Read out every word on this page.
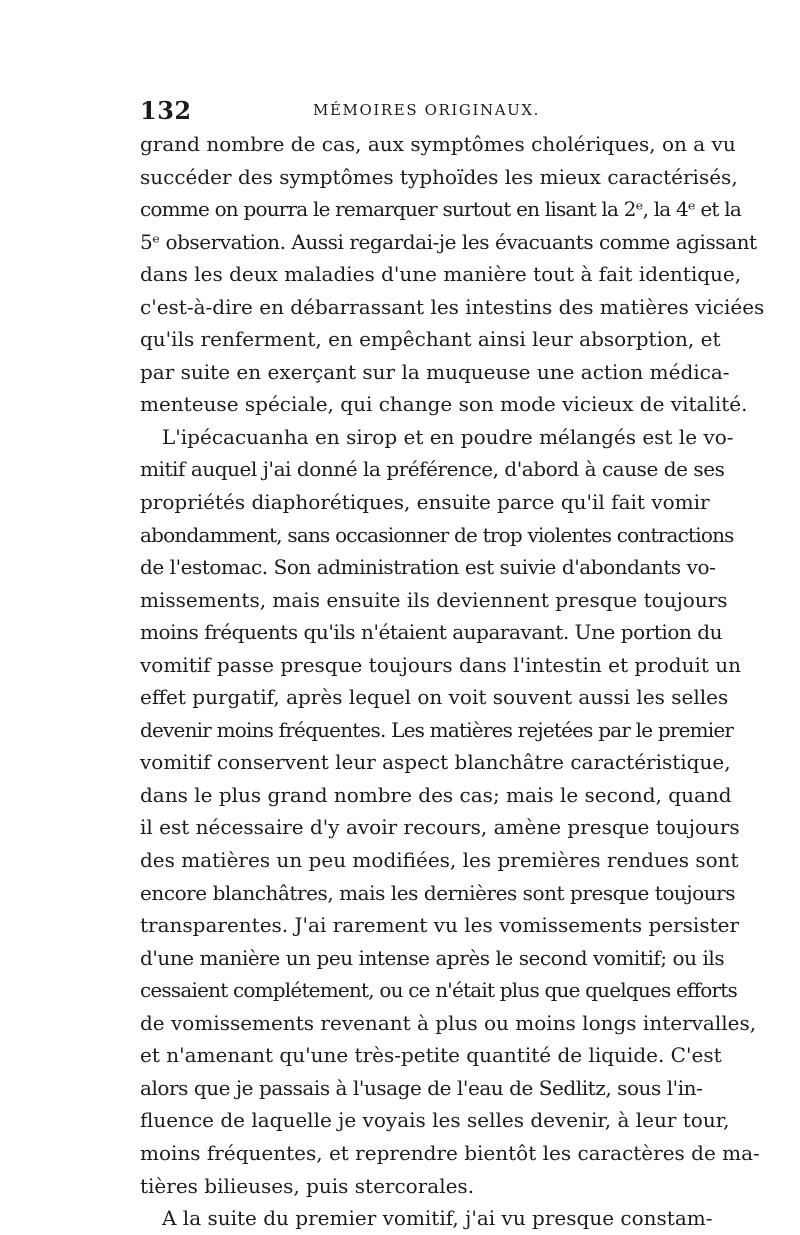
132	MÉMOIRES ORIGINAUX.
grand nombre de cas, aux symptômes cholériques, on a vu
succéder des symptômes typhoïdes les mieux caractérisés,
comme on pourra le remarquer surtout en lisant la 2ᵉ, la 4ᵉ et la
5ᵉ observation. Aussi regardai-je les évacuants comme agissant
dans les deux maladies d'une manière tout à fait identique,
c'est-à-dire en débarrassant les intestins des matières viciées
qu'ils renferment, en empêchant ainsi leur absorption, et
par suite en exerçant sur la muqueuse une action médica-
menteuse spéciale, qui change son mode vicieux de vitalité.
L'ipécacuanha en sirop et en poudre mélangés est le vo-
mitif auquel j'ai donné la préférence, d'abord à cause de ses
propriétés diaphorétiques, ensuite parce qu'il fait vomir
abondamment, sans occasionner de trop violentes contractions
de l'estomac. Son administration est suivie d'abondants vo-
missements, mais ensuite ils deviennent presque toujours
moins fréquents qu'ils n'étaient auparavant. Une portion du
vomitif passe presque toujours dans l'intestin et produit un
effet purgatif, après lequel on voit souvent aussi les selles
devenir moins fréquentes. Les matières rejetées par le premier
vomitif conservent leur aspect blanchâtre caractéristique,
dans le plus grand nombre des cas; mais le second, quand
il est nécessaire d'y avoir recours, amène presque toujours
des matières un peu modifiées, les premières rendues sont
encore blanchâtres, mais les dernières sont presque toujours
transparentes. J'ai rarement vu les vomissements persister
d'une manière un peu intense après le second vomitif; ou ils
cessaient complétement, ou ce n'était plus que quelques efforts
de vomissements revenant à plus ou moins longs intervalles,
et n'amenant qu'une très-petite quantité de liquide. C'est
alors que je passais à l'usage de l'eau de Sedlitz, sous l'in-
fluence de laquelle je voyais les selles devenir, à leur tour,
moins fréquentes, et reprendre bientôt les caractères de ma-
tières bilieuses, puis stercorales.
A la suite du premier vomitif, j'ai vu presque constam-
